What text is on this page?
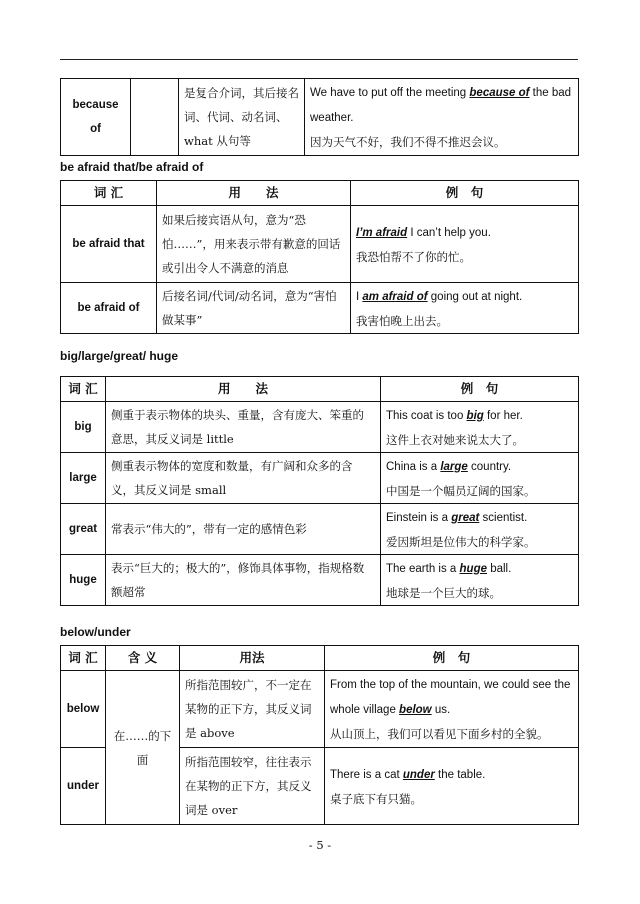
because of		是复合介词，其后接名词、代词、动名词、what 从句等	We have to put off the meeting because of the bad weather.
因为天气不好，我们不得不推迟会议。
be afraid that/be afraid of
词 汇	用　　法	例　句
be afraid that	如果后接宾语从句，意为“恐怕……”，用来表示带有歉意的回话或引出令人不满意的消息	I’m afraid I can’t help you.
我恐怕帮不了你的忙。

be afraid of	后接名词/代词/动名词，意为“害怕做某事”	I am afraid of going out at night.
我害怕晚上出去。
big/large/great/ huge
词 汇	用　　法	例　句
big	侧重于表示物体的块头、重量，含有庞大、笨重的意思，其反义词是 little	This coat is too big for her.
这件上衣对她来说太大了。

large	侧重表示物体的宽度和数量，有广阔和众多的含义，其反义词是 small	China is a large country.
中国是一个幅员辽阔的国家。

great	常表示“伟大的”，带有一定的感情色彩	Einstein is a great scientist.
爱因斯坦是位伟大的科学家。

huge	表示“巨大的；极大的”，修饰具体事物，指规格数额超常	The earth is a huge ball.
地球是一个巨大的球。
below/under
词 汇	含 义	用法	例　句
below	在……的下面	所指范围较广，不一定在某物的正下方，其反义词是 above	From the top of the mountain, we could see the whole village below us.
从山顶上，我们可以看见下面乡村的全貌。

under		所指范围较窄，往往表示在某物的正下方，其反义词是 over	There is a cat under the table.
桌子底下有只猫。
- 5 -
